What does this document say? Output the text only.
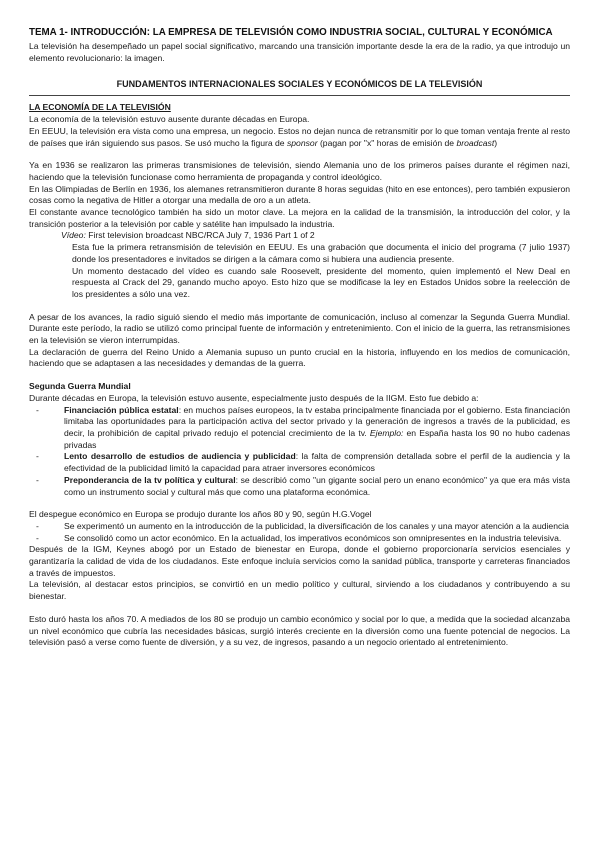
TEMA 1- INTRODUCCIÓN: LA EMPRESA DE TELEVISIÓN COMO INDUSTRIA SOCIAL, CULTURAL Y ECONÓMICA

La televisión ha desempeñado un papel social significativo, marcando una transición importante desde la era de la radio, ya que introdujo un elemento revolucionario: la imagen.

FUNDAMENTOS INTERNACIONALES SOCIALES Y ECONÓMICOS DE LA TELEVISIÓN

LA ECONOMÍA DE LA TELEVISIÓN

La economía de la televisión estuvo ausente durante décadas en Europa.

En EEUU, la televisión era vista como una empresa, un negocio. Estos no dejan nunca de retransmitir por lo que toman ventaja frente al resto de países que irán siguiendo sus pasos. Se usó mucho la figura de sponsor (pagan por "x" horas de emisión de broadcast)

Ya en 1936 se realizaron las primeras transmisiones de televisión, siendo Alemania uno de los primeros países durante el régimen nazi, haciendo que la televisión funcionase como herramienta de propaganda y control ideológico.

En las Olimpiadas de Berlín en 1936, los alemanes retransmitieron durante 8 horas seguidas (hito en ese entonces), pero también expusieron cosas como la negativa de Hitler a otorgar una medalla de oro a un atleta.

El constante avance tecnológico también ha sido un motor clave. La mejora en la calidad de la transmisión, la introducción del color, y la transición posterior a la televisión por cable y satélite han impulsado la industria.

Vídeo: First television broadcast NBC/RCA July 7, 1936 Part 1 of 2

Esta fue la primera retransmisión de televisión en EEUU. Es una grabación que documenta el inicio del programa (7 julio 1937) donde los presentadores e invitados se dirigen a la cámara como si hubiera una audiencia presente.

Un momento destacado del vídeo es cuando sale Roosevelt, presidente del momento, quien implementó el New Deal en respuesta al Crack del 29, ganando mucho apoyo. Esto hizo que se modificase la ley en Estados Unidos sobre la reelección de los presidentes a sólo una vez.

A pesar de los avances, la radio siguió siendo el medio más importante de comunicación, incluso al comenzar la Segunda Guerra Mundial. Durante este período, la radio se utilizó como principal fuente de información y entretenimiento. Con el inicio de la guerra, las retransmisiones en la televisión se vieron interrumpidas.

La declaración de guerra del Reino Unido a Alemania supuso un punto crucial en la historia, influyendo en los medios de comunicación, haciendo que se adaptasen a las necesidades y demandas de la guerra.

Segunda Guerra Mundial

Durante décadas en Europa, la televisión estuvo ausente, especialmente justo después de la IIGM. Esto fue debido a:

- Financiación pública estatal: en muchos países europeos, la tv estaba principalmente financiada por el gobierno. Esta financiación limitaba las oportunidades para la participación activa del sector privado y la generación de ingresos a través de la publicidad, es decir, la prohibición de capital privado redujo el potencial crecimiento de la tv. Ejemplo: en España hasta los 90 no hubo cadenas privadas
- Lento desarrollo de estudios de audiencia y publicidad: la falta de comprensión detallada sobre el perfil de la audiencia y la efectividad de la publicidad limitó la capacidad para atraer inversores económicos
- Preponderancia de la tv política y cultural: se describió como "un gigante social pero un enano económico" ya que era más vista como un instrumento social y cultural más que como una plataforma económica.

El despegue económico en Europa se produjo durante los años 80 y 90, según H.G.Vogel

- Se experimentó un aumento en la introducción de la publicidad, la diversificación de los canales y una mayor atención a la audiencia
- Se consolidó como un actor económico. En la actualidad, los imperativos económicos son omnipresentes en la industria televisiva.

Después de la IGM, Keynes abogó por un Estado de bienestar en Europa, donde el gobierno proporcionaría servicios esenciales y garantizaría la calidad de vida de los ciudadanos. Este enfoque incluía servicios como la sanidad pública, transporte y carreteras financiados a través de impuestos.

La televisión, al destacar estos principios, se convirtió en un medio político y cultural, sirviendo a los ciudadanos y contribuyendo a su bienestar.

Esto duró hasta los años 70. A mediados de los 80 se produjo un cambio económico y social por lo que, a medida que la sociedad alcanzaba un nivel económico que cubría las necesidades básicas, surgió interés creciente en la diversión como una fuente potencial de negocios. La televisión pasó a verse como fuente de diversión, y a su vez, de ingresos, pasando a un negocio orientado al entretenimiento.
